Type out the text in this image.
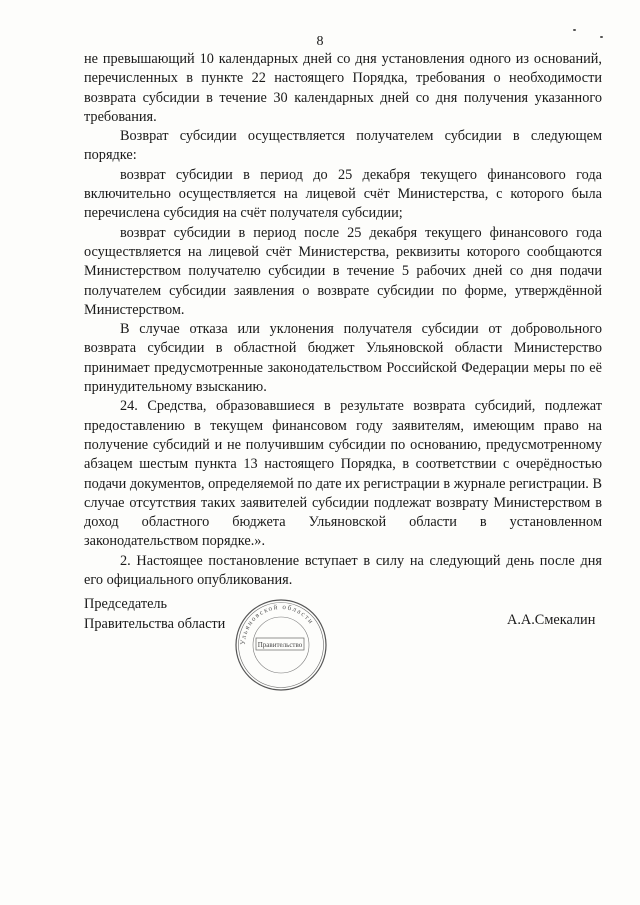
8

не превышающий 10 календарных дней со дня установления одного из оснований, перечисленных в пункте 22 настоящего Порядка, требования о необходимости возврата субсидии в течение 30 календарных дней со дня получения указанного требования.

Возврат субсидии осуществляется получателем субсидии в следующем порядке:

возврат субсидии в период до 25 декабря текущего финансового года включительно осуществляется на лицевой счёт Министерства, с которого была перечислена субсидия на счёт получателя субсидии;

возврат субсидии в период после 25 декабря текущего финансового года осуществляется на лицевой счёт Министерства, реквизиты которого сообщаются Министерством получателю субсидии в течение 5 рабочих дней со дня подачи получателем субсидии заявления о возврате субсидии по форме, утверждённой Министерством.

В случае отказа или уклонения получателя субсидии от добровольного возврата субсидии в областной бюджет Ульяновской области Министерство принимает предусмотренные законодательством Российской Федерации меры по её принудительному взысканию.

24. Средства, образовавшиеся в результате возврата субсидий, подлежат предоставлению в текущем финансовом году заявителям, имеющим право на получение субсидий и не получившим субсидии по основанию, предусмотренному абзацем шестым пункта 13 настоящего Порядка, в соответствии с очерёдностью подачи документов, определяемой по дате их регистрации в журнале регистрации. В случае отсутствия таких заявителей субсидии подлежат возврату Министерством в доход областного бюджета Ульяновской области в установленном законодательством порядке.».

2. Настоящее постановление вступает в силу на следующий день после дня его официального опубликования.

Председатель
Правительства области
Ульяновской области
Правительство
А.А.Смекалин
